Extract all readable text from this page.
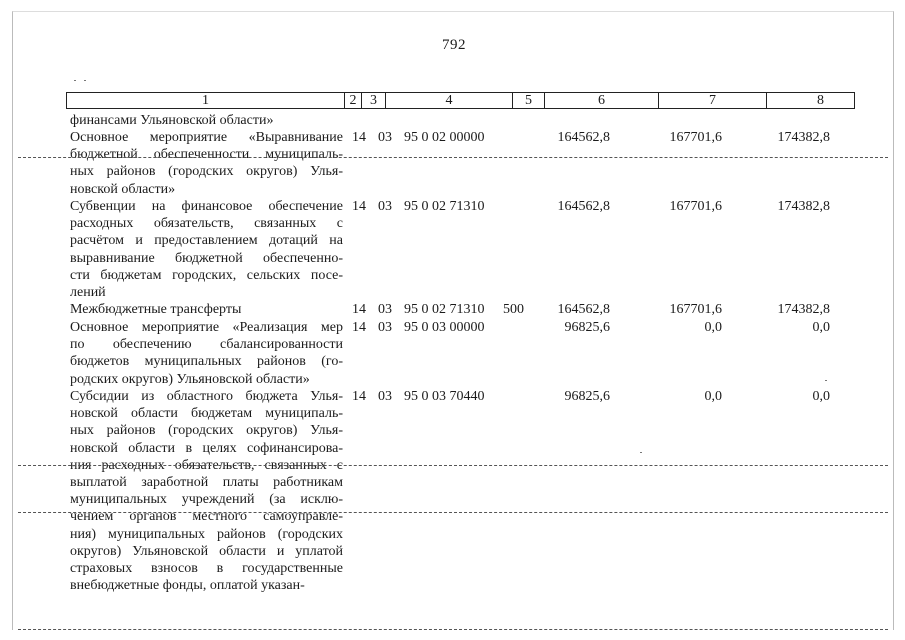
792
1	2 3	4	5	6	7	8
финансами Ульяновской области»
Основное мероприятие «Выравнивание
бюджетной обеспеченности муниципаль-
ных районов (городских округов) Улья-
новской области»
14 03 95 0 02 00000	164562,8	167701,6	174382,8
Субвенции на финансовое обеспечение
расходных обязательств, связанных с
расчётом и предоставлением дотаций на
выравнивание бюджетной обеспеченно-
сти бюджетам городских, сельских посе-
лений
14 03 95 0 02 71310	164562,8	167701,6	174382,8
Межбюджетные трансферты	14 03 95 0 02 71310	500	164562,8	167701,6	174382,8
Основное мероприятие «Реализация мер
по обеспечению сбалансированности
бюджетов муниципальных районов (го-
родских округов) Ульяновской области»
14 03 95 0 03 00000	96825,6	0,0	0,0
Субсидии из областного бюджета Улья-
новской области бюджетам муниципаль-
ных районов (городских округов) Улья-
новской области в целях софинансирова-
ния расходных обязательств, связанных с
выплатой заработной платы работникам
муниципальных учреждений (за исклю-
чением органов местного самоуправле-
ния) муниципальных районов (городских
округов) Ульяновской области и уплатой
страховых взносов в государственные
внебюджетные фонды, оплатой указан-
14 03 95 0 03 70440	96825,6	0,0	0,0
